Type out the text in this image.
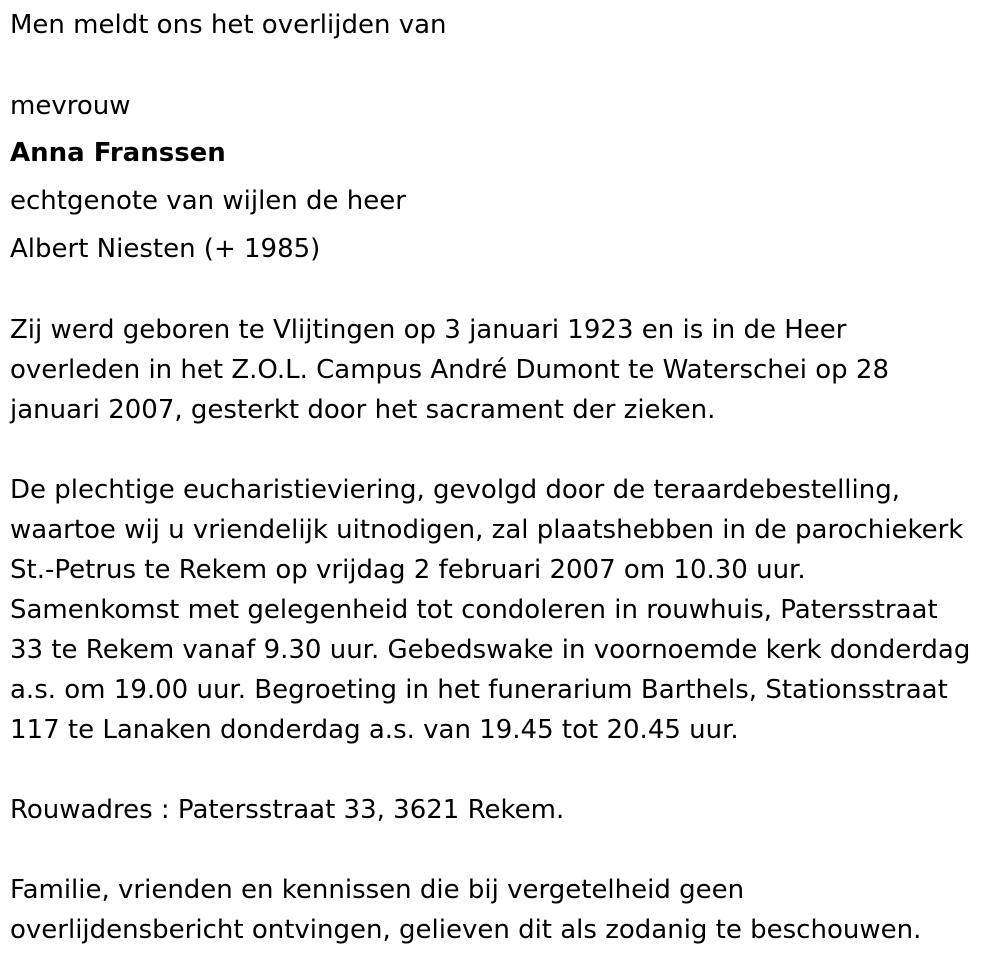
Men meldt ons het overlijden van
mevrouw
Anna Franssen
echtgenote van wijlen de heer
Albert Niesten (+ 1985)
Zij werd geboren te Vlijtingen op 3 januari 1923 en is in de Heer
overleden in het Z.O.L. Campus André Dumont te Waterschei op 28
januari 2007, gesterkt door het sacrament der zieken.
De plechtige eucharistieviering, gevolgd door de teraardebestelling,
waartoe wij u vriendelijk uitnodigen, zal plaatshebben in de parochiekerk
St.-Petrus te Rekem op vrijdag 2 februari 2007 om 10.30 uur.
Samenkomst met gelegenheid tot condoleren in rouwhuis, Patersstraat
33 te Rekem vanaf 9.30 uur. Gebedswake in voornoemde kerk donderdag
a.s. om 19.00 uur. Begroeting in het funerarium Barthels, Stationsstraat
117 te Lanaken donderdag a.s. van 19.45 tot 20.45 uur.
Rouwadres : Patersstraat 33, 3621 Rekem.
Familie, vrienden en kennissen die bij vergetelheid geen
overlijdensbericht ontvingen, gelieven dit als zodanig te beschouwen.
